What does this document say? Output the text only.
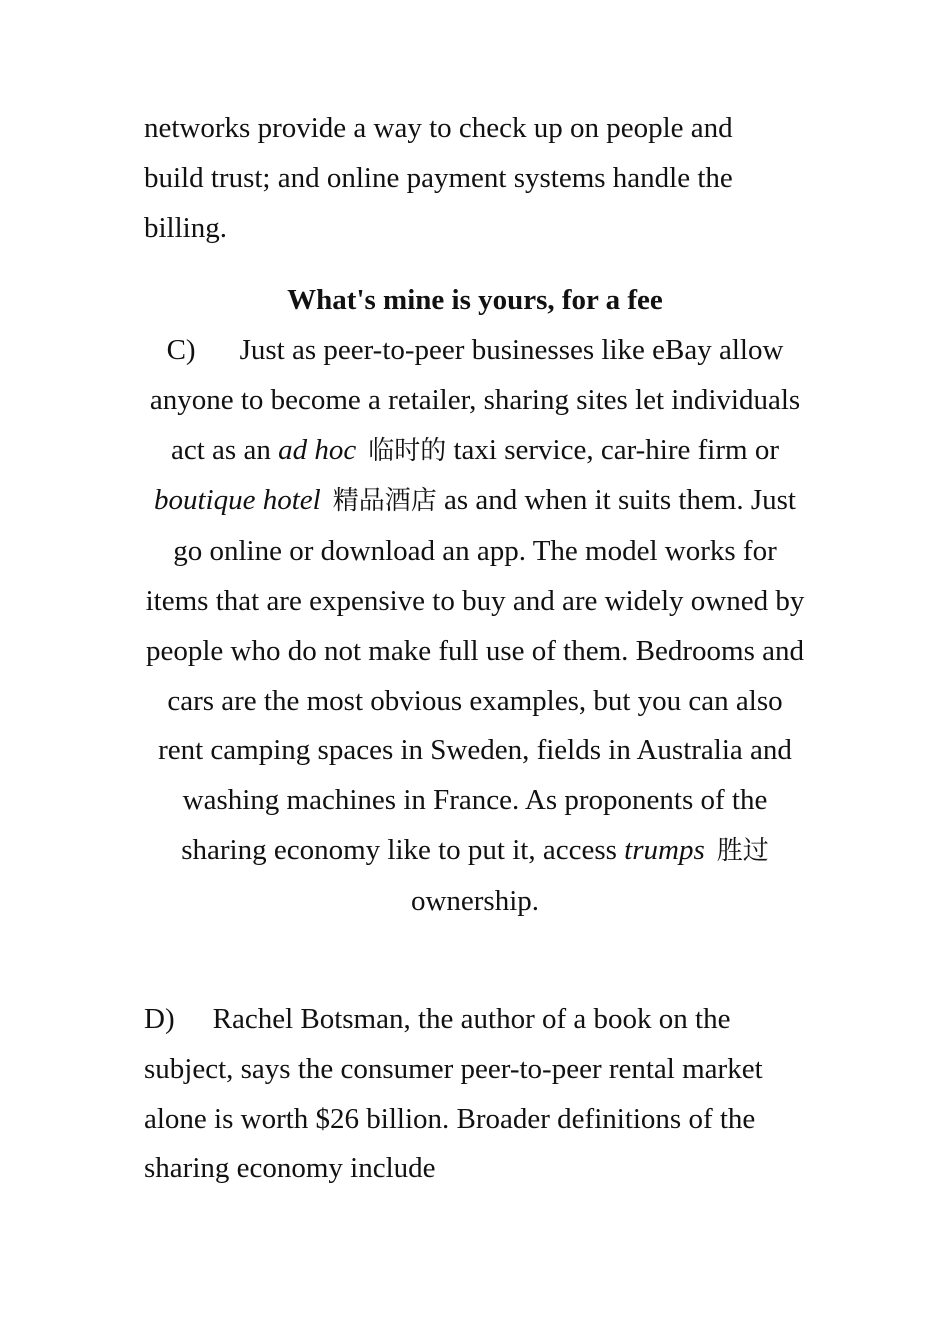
networks provide a way to check up on people and
build trust; and online payment systems handle the
billing.

What's mine is yours, for a fee

C) Just as peer-to-peer businesses like eBay allow anyone to become a retailer, sharing sites let individuals act as an ad hoc 临时的 taxi service, car-hire firm or boutique hotel 精品酒店 as and when it suits them. Just go online or download an app. The model works for items that are expensive to buy and are widely owned by people who do not make full use of them. Bedrooms and cars are the most obvious examples, but you can also rent camping spaces in Sweden, fields in Australia and washing machines in France. As proponents of the sharing economy like to put it, access trumps 胜过 ownership.

D) Rachel Botsman, the author of a book on the subject, says the consumer peer-to-peer rental market alone is worth $26 billion. Broader definitions of the sharing economy include
